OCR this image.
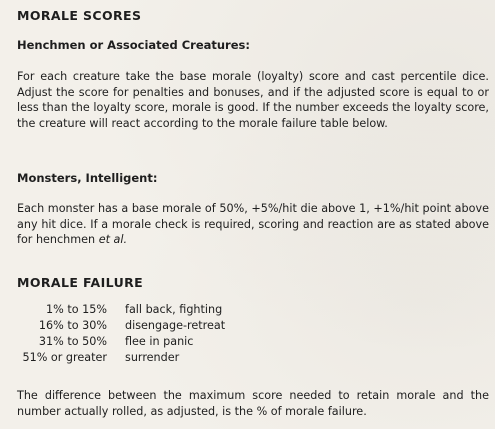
MORALE SCORES
Henchmen or Associated Creatures:

For each creature take the base morale (loyalty) score and cast percentile dice. Adjust the score for penalties and bonuses, and if the adjusted score is equal to or less than the loyalty score, morale is good. If the number exceeds the loyalty score, the creature will react according to the morale failure table below.

Monsters, Intelligent:

Each monster has a base morale of 50%, +5%/hit die above 1, +1%/hit point above any hit dice. If a morale check is required, scoring and reaction are as stated above for henchmen et al.

MORALE FAILURE
1% to 15%	fall back, fighting
16% to 30%	disengage-retreat
31% to 50%	flee in panic
51% or greater	surrender

The difference between the maximum score needed to retain morale and the number actually rolled, as adjusted, is the % of morale failure.
